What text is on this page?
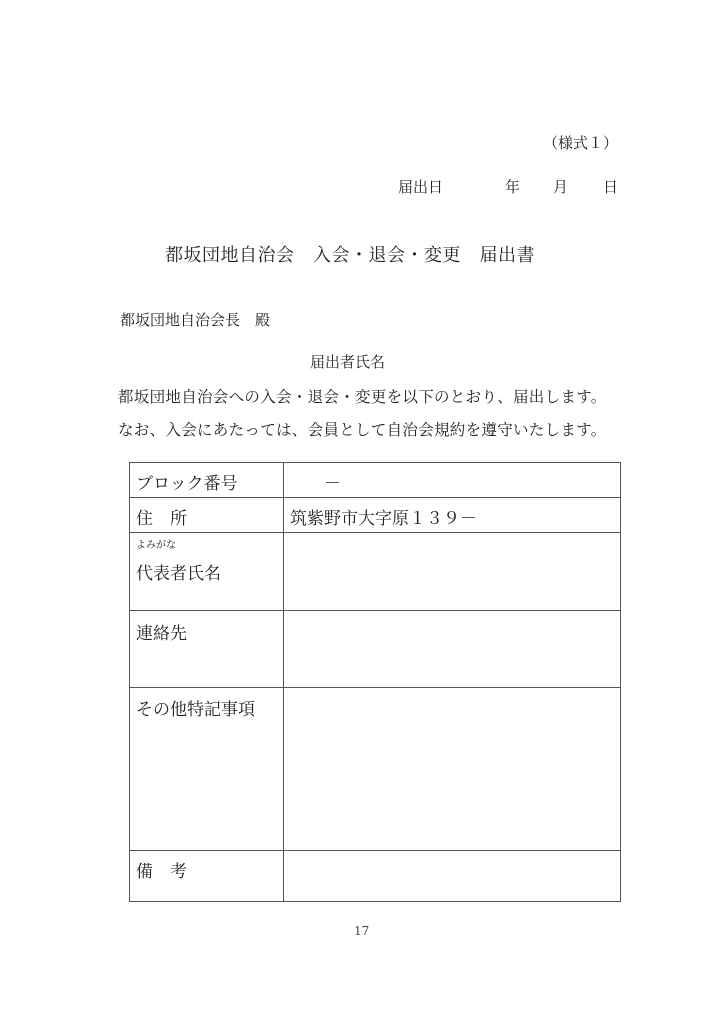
（様式１）
届出日	年 月 日
都坂団地自治会　入会・退会・変更　届出書
都坂団地自治会長　殿
届出者氏名
都坂団地自治会への入会・退会・変更を以下のとおり、届出します。
なお、入会にあたっては、会員として自治会規約を遵守いたします。
ブロック番号	　　－
住　所	筑紫野市大字原１３９－
よみがな
代表者氏名
連絡先
その他特記事項
備　考
17
